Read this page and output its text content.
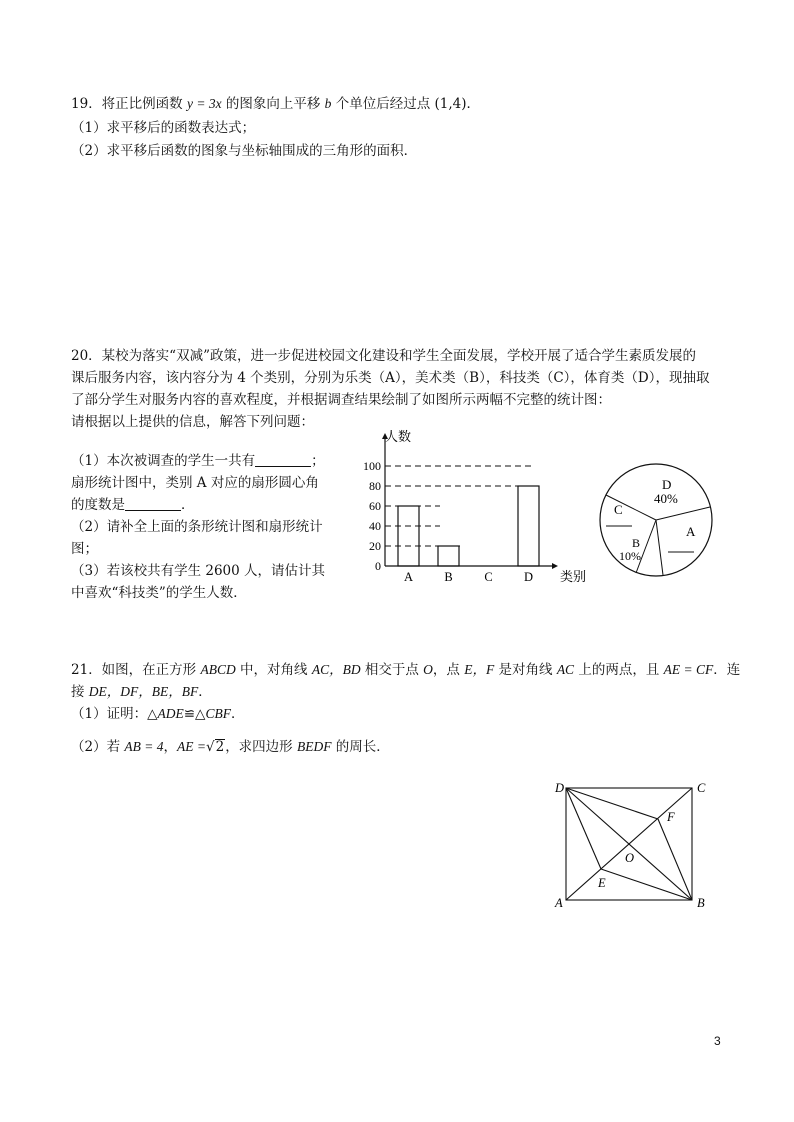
19．将正比例函数 y = 3x 的图象向上平移 b 个单位后经过点 (1,4)．
（1）求平移后的函数表达式；
（2）求平移后函数的图象与坐标轴围成的三角形的面积．
20．某校为落实“双减”政策，进一步促进校园文化建设和学生全面发展，学校开展了适合学生素质发展的
课后服务内容，该内容分为 4 个类别，分别为乐类（A），美术类（B），科技类（C），体育类（D），现抽取
了部分学生对服务内容的喜欢程度，并根据调查结果绘制了如图所示两幅不完整的统计图：
请根据以上提供的信息，解答下列问题：
（1）本次被调查的学生一共有	；
扇形统计图中，类别 A 对应的扇形圆心角
的度数是	．
（2）请补全上面的条形统计图和扇形统计
图；
（3）若该校共有学生 2600 人，请估计其
中喜欢“科技类”的学生人数．
0
20
40
60
80
100
人数
类别
A	B	C	D
D
40%
C
B
10%
A
21．如图，在正方形 ABCD 中，对角线 AC，BD 相交于点 O，点 E，F 是对角线 AC 上的两点，且 AE = CF．连
接 DE，DF，BE，BF．
（1）证明：△ADE≌△CBF．
（2）若 AB = 4，AE =√2，求四边形 BEDF 的周长．
D	C
A	B
F
O
E
3
